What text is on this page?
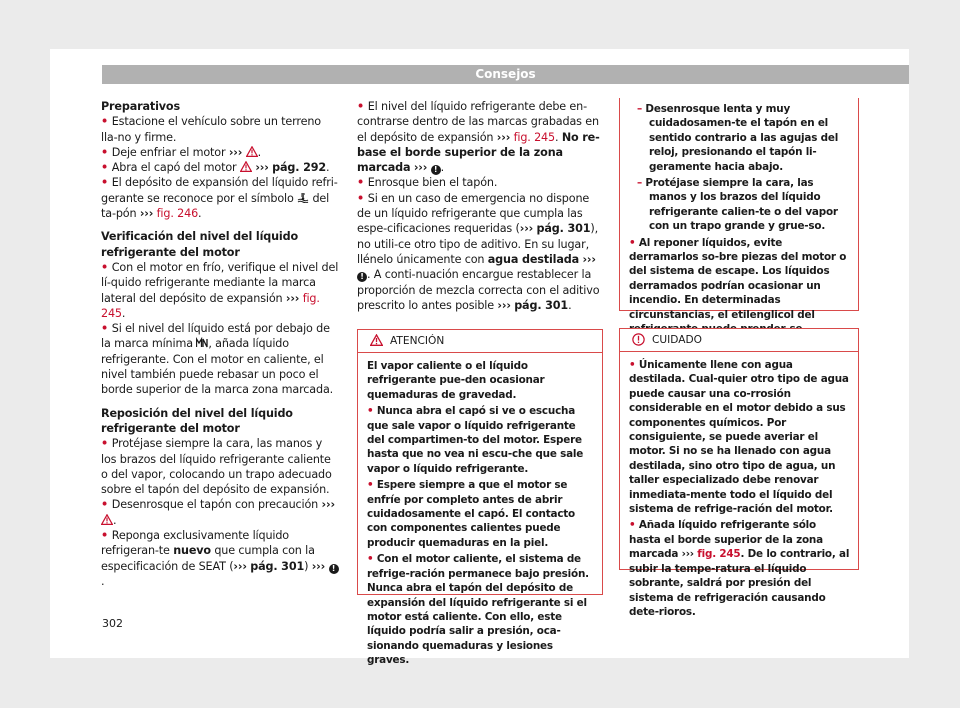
Consejos

Preparativos

• Estacione el vehículo sobre un terreno lla-no y firme.

• Deje enfriar el motor ››› .

• Abra el capó del motor ››› pág. 292.

• El depósito de expansión del líquido refri-gerante se reconoce por el símbolo del ta-pón ››› fig. 246.

Verificación del nivel del líquido refrigerante del motor

• Con el motor en frío, verifique el nivel del lí-quido refrigerante mediante la marca lateral del depósito de expansión ››› fig. 245.

• Si el nivel del líquido está por debajo de la marca mínima , añada líquido refrigerante. Con el motor en caliente, el nivel también puede rebasar un poco el borde superior de la marca zona marcada.

Reposición del nivel del líquido refrigerante del motor

• Protéjase siempre la cara, las manos y los brazos del líquido refrigerante caliente o del vapor, colocando un trapo adecuado sobre el tapón del depósito de expansión.

• Desenrosque el tapón con precaución ››› .

• Reponga exclusivamente líquido refrigeran-te nuevo que cumpla con la especificación de SEAT (››› pág. 301) ››› !.

• El nivel del líquido refrigerante debe en-contrarse dentro de las marcas grabadas en el depósito de expansión ››› fig. 245. No re-base el borde superior de la zona marcada ››› ! .

• Enrosque bien el tapón.

• Si en un caso de emergencia no dispone de un líquido refrigerante que cumpla las espe-cificaciones requeridas (››› pág. 301), no utili-ce otro tipo de aditivo. En su lugar, llénelo únicamente con agua destilada ››› ! . A conti-nuación encargue restablecer la proporción de mezcla correcta con el aditivo prescrito lo antes posible ››› pág. 301.

ATENCIÓN

El vapor caliente o el líquido refrigerante pue-den ocasionar quemaduras de gravedad.

• Nunca abra el capó si ve o escucha que sale vapor o líquido refrigerante del compartimen-to del motor. Espere hasta que no vea ni escu-che que sale vapor o líquido refrigerante.

• Espere siempre a que el motor se enfríe por completo antes de abrir cuidadosamente el capó. El contacto con componentes calientes puede producir quemaduras en la piel.

• Con el motor caliente, el sistema de refrige-ración permanece bajo presión. Nunca abra el tapón del depósito de expansión del líquido refrigerante si el motor está caliente. Con ello, este líquido podría salir a presión, oca-sionando quemaduras y lesiones graves.

– Desenrosque lenta y muy cuidadosamen-te el tapón en el sentido contrario a las agujas del reloj, presionando el tapón li-geramente hacia abajo.

– Protéjase siempre la cara, las manos y los brazos del líquido refrigerante calien-te o del vapor con un trapo grande y grue-so.

• Al reponer líquidos, evite derramarlos so-bre piezas del motor o del sistema de escape. Los líquidos derramados podrían ocasionar un incendio. En determinadas circunstancias, el etilenglicol del

CUIDADO

• Únicamente llene con agua destilada. Cual-quier otro tipo de agua puede causar una co-rrosión considerable en el motor debido a sus componentes químicos. Por consiguiente, se puede averiar el motor. Si no se ha llenado con agua destilada, sino otro tipo de agua, un taller especializado debe renovar inmediata-mente todo el líquido del sistema de refrige-ración del motor.

• Añada líquido refrigerante sólo hasta el borde superior de la zona marcada ››› fig. 245. De lo contrario, al subir la tempe-ratura el líquido sobrante, saldrá por presión del sistema de refrigeración causando dete-rioros.

302
